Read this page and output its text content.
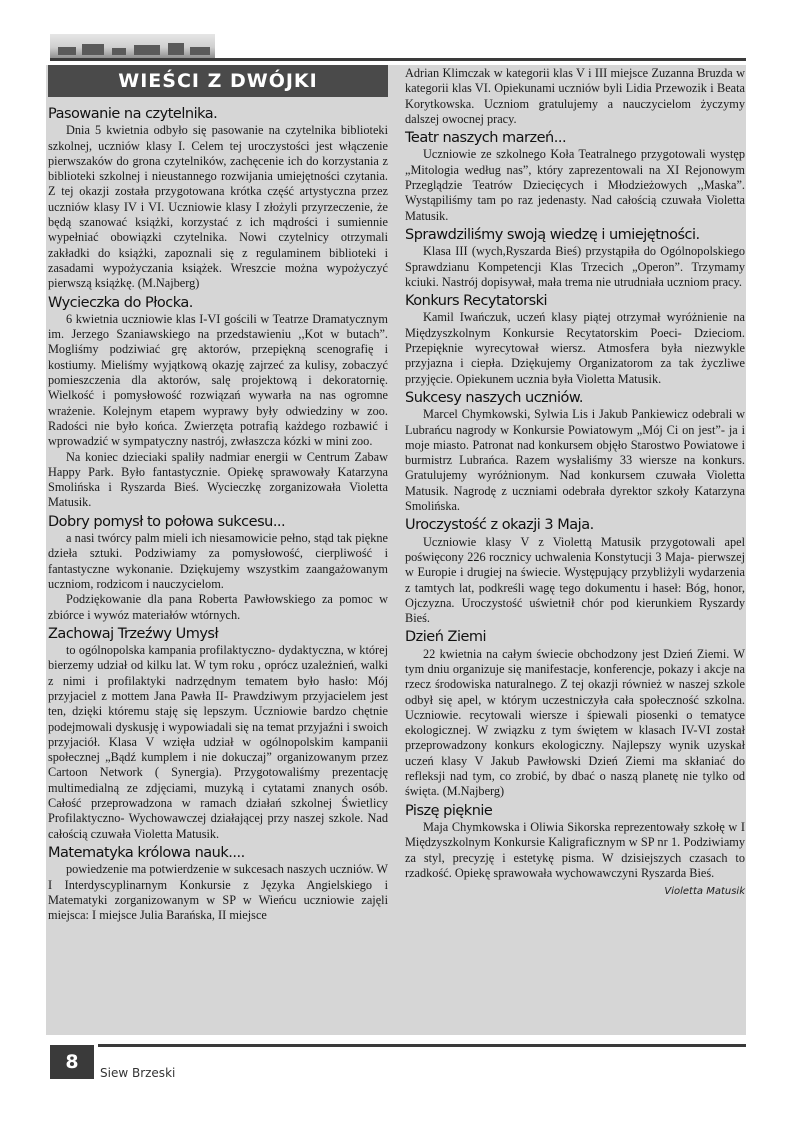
WIEŚCI Z DWÓJKI
Pasowanie na czytelnika.

Dnia 5 kwietnia odbyło się pasowanie na czytelnika biblioteki szkolnej, uczniów klasy I. Celem tej uroczystości jest włączenie pierwszaków do grona czytelników, zachęcenie ich do korzystania z biblioteki szkolnej i nieustannego rozwijania umiejętności czytania. Z tej okazji została przygotowana krótka część artystyczna przez uczniów klasy IV i VI. Uczniowie klasy I złożyli przyrzeczenie, że będą szanować książki, korzystać z ich mądrości i sumiennie wypełniać obowiązki czytelnika. Nowi czytelnicy otrzymali zakładki do książki, zapoznali się z regulaminem biblioteki i zasadami wypożyczania książek. Wreszcie można wypożyczyć pierwszą książkę. (M.Najberg)

Wycieczka do Płocka.

6 kwietnia uczniowie klas I-VI gościli w Teatrze Dramatycznym im. Jerzego Szaniawskiego na przedstawieniu ,,Kot w butach”. Mogliśmy podziwiać grę aktorów, przepiękną scenografię i kostiumy. Mieliśmy wyjątkową okazję zajrzeć za kulisy, zobaczyć pomieszczenia dla aktorów, salę projektową i dekoratornię. Wielkość i pomysłowość rozwiązań wywarła na nas ogromne wrażenie. Kolejnym etapem wyprawy były odwiedziny w zoo. Radości nie było końca. Zwierzęta potrafią każdego rozbawić i wprowadzić w sympatyczny nastrój, zwłaszcza kózki w mini zoo.

Na koniec dzieciaki spaliły nadmiar energii w Centrum Zabaw Happy Park. Było fantastycznie. Opiekę sprawowały Katarzyna Smolińska i Ryszarda Bieś. Wycieczkę zorganizowała Violetta Matusik.

Dobry pomysł to połowa sukcesu...

a nasi twórcy palm mieli ich niesamowicie pełno, stąd tak piękne dzieła sztuki. Podziwiamy za pomysłowość, cierpliwość i fantastyczne wykonanie. Dziękujemy wszystkim zaangażowanym uczniom, rodzicom i nauczycielom.

Podziękowanie dla pana Roberta Pawłowskiego za pomoc w zbiórce i wywóz materiałów wtórnych.

Zachowaj Trzeźwy Umysł

to ogólnopolska kampania profilaktyczno- dydaktyczna, w której bierzemy udział od kilku lat. W tym roku , oprócz uzależnień, walki z nimi i profilaktyki nadrzędnym tematem było hasło: Mój przyjaciel z mottem Jana Pawła II- Prawdziwym przyjacielem jest ten, dzięki któremu staję się lepszym. Uczniowie bardzo chętnie podejmowali dyskusję i wypowiadali się na temat przyjaźni i swoich przyjaciół. Klasa V wzięła udział w ogólnopolskim kampanii społecznej „Bądź kumplem i nie dokuczaj” organizowanym przez Cartoon Network ( Synergia). Przygotowaliśmy prezentację multimedialną ze zdjęciami, muzyką i cytatami znanych osób. Całość przeprowadzona w ramach działań szkolnej Świetlicy Profilaktyczno- Wychowawczej działającej przy naszej szkole. Nad całością czuwała Violetta Matusik.

Matematyka królowa nauk....

powiedzenie ma potwierdzenie w sukcesach naszych uczniów. W I Interdyscyplinarnym Konkursie z Języka Angielskiego i Matematyki zorganizowanym w SP w Wieńcu uczniowie zajęli miejsca: I miejsce Julia Barańska, II miejsce

Adrian Klimczak w kategorii klas V i III miejsce Zuzanna Bruzda w kategorii klas VI. Opiekunami uczniów byli Lidia Przewozik i Beata Korytkowska. Uczniom gratulujemy a nauczycielom życzymy dalszej owocnej pracy.

Teatr naszych marzeń...

Uczniowie ze szkolnego Koła Teatralnego przygotowali występ „Mitologia według nas”, który zaprezentowali na XI Rejonowym Przeglądzie Teatrów Dziecięcych i Młodzieżowych ,,Maska”. Wystąpiliśmy tam po raz jedenasty. Nad całością czuwała Violetta Matusik.

Sprawdziliśmy swoją wiedzę i umiejętności.

Klasa III (wych,Ryszarda Bieś) przystąpiła do Ogólnopolskiego Sprawdzianu Kompetencji Klas Trzecich „Operon”. Trzymamy kciuki. Nastrój dopisywał, mała trema nie utrudniała uczniom pracy.

Konkurs Recytatorski

Kamil Iwańczuk, uczeń klasy piątej otrzymał wyróżnienie na Międzyszkolnym Konkursie Recytatorskim Poeci- Dzieciom. Przepięknie wyrecytował wiersz. Atmosfera była niezwykle przyjazna i ciepła. Dziękujemy Organizatorom za tak życzliwe przyjęcie. Opiekunem ucznia była Violetta Matusik.

Sukcesy naszych uczniów.

Marcel Chymkowski, Sylwia Lis i Jakub Pankiewicz odebrali w Lubrańcu nagrody w Konkursie Powiatowym „Mój Ci on jest”- ja i moje miasto. Patronat nad konkursem objęło Starostwo Powiatowe i burmistrz Lubrańca. Razem wysłaliśmy 33 wiersze na konkurs. Gratulujemy wyróżnionym. Nad konkursem czuwała Violetta Matusik. Nagrodę z uczniami odebrała dyrektor szkoły Katarzyna Smolińska.

Uroczystość z okazji 3 Maja.

Uczniowie klasy V z Violettą Matusik przygotowali apel poświęcony 226 rocznicy uchwalenia Konstytucji 3 Maja- pierwszej w Europie i drugiej na świecie. Występujący przybliżyli wydarzenia z tamtych lat, podkreśli wagę tego dokumentu i haseł: Bóg, honor, Ojczyzna. Uroczystość uświetnił chór pod kierunkiem Ryszardy Bieś.

Dzień Ziemi

22 kwietnia na całym świecie obchodzony jest Dzień Ziemi. W tym dniu organizuje się manifestacje, konferencje, pokazy i akcje na rzecz środowiska naturalnego. Z tej okazji również w naszej szkole odbył się apel, w którym uczestniczyła cała społeczność szkolna. Uczniowie. recytowali wiersze i śpiewali piosenki o tematyce ekologicznej. W związku z tym świętem w klasach IV-VI został przeprowadzony konkurs ekologiczny. Najlepszy wynik uzyskał uczeń klasy V Jakub Pawłowski Dzień Ziemi ma skłaniać do refleksji nad tym, co zrobić, by dbać o naszą planetę nie tylko od święta. (M.Najberg)

Piszę pięknie

Maja Chymkowska i Oliwia Sikorska reprezentowały szkołę w I Międzyszkolnym Konkursie Kaligraficznym w SP nr 1. Podziwiamy za styl, precyzję i estetykę pisma. W dzisiejszych czasach to rzadkość. Opiekę sprawowała wychowawczyni Ryszarda Bieś.

Violetta Matusik
8	Siew Brzeski
